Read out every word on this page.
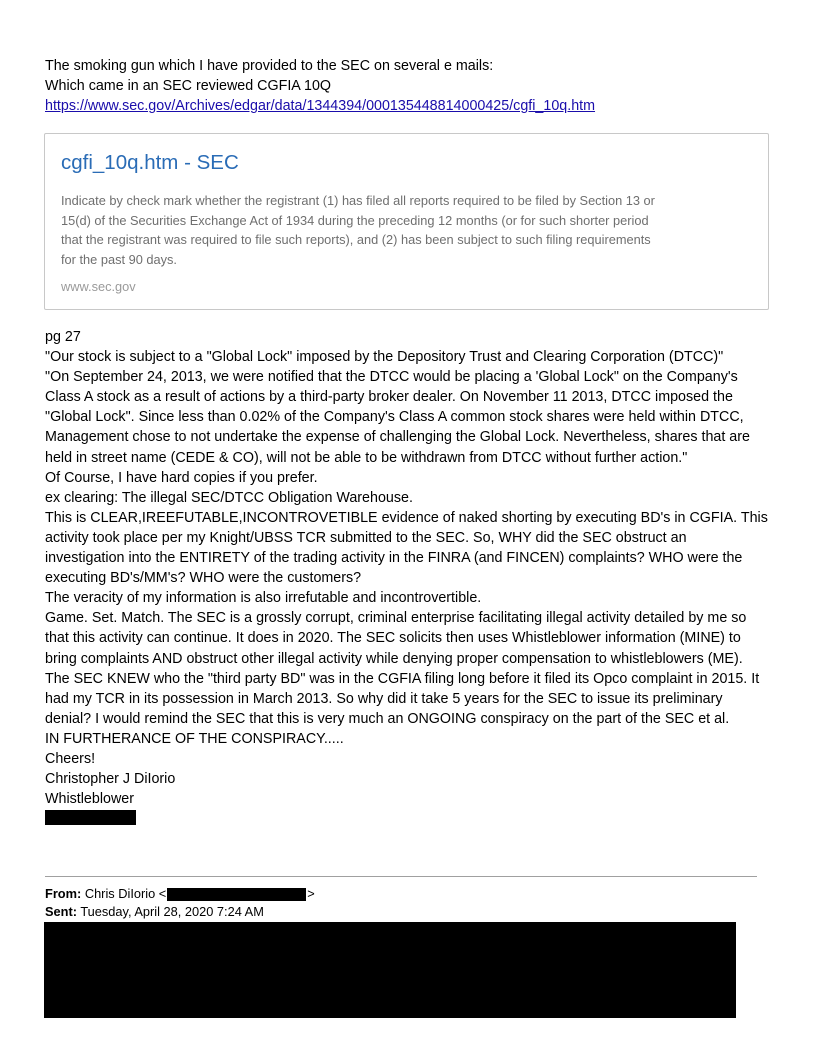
The smoking gun which I have provided to the SEC on several e mails:

Which came in an SEC reviewed CGFIA 10Q

https://www.sec.gov/Archives/edgar/data/1344394/000135448814000425/cgfi_10q.htm

cgfi_10q.htm - SEC

Indicate by check mark whether the registrant (1) has filed all reports required to be filed by Section 13 or
15(d) of the Securities Exchange Act of 1934 during the preceding 12 months (or for such shorter period
that the registrant was required to file such reports), and (2) has been subject to such filing requirements
for the past 90 days.

www.sec.gov

pg 27

"Our stock is subject to a "Global Lock" imposed by the Depository Trust and Clearing Corporation (DTCC)"

"On September 24, 2013, we were notified that the DTCC would be placing a 'Global Lock" on the Company's

Class A stock as a result of actions by a third-party broker dealer. On November 11 2013, DTCC imposed the

"Global Lock". Since less than 0.02% of the Company's Class A common stock shares were held within DTCC,

Management chose to not undertake the expense of challenging the Global Lock. Nevertheless, shares that are

held in street name (CEDE & CO), will not be able to be withdrawn from DTCC without further action."

Of Course, I have hard copies if you prefer.

ex clearing: The illegal SEC/DTCC Obligation Warehouse.

This is CLEAR,IREEFUTABLE,INCONTROVETIBLE evidence of naked shorting by executing BD's in CGFIA. This

activity took place per my Knight/UBSS TCR submitted to the SEC. So, WHY did the SEC obstruct an

investigation into the ENTIRETY of the trading activity in the FINRA (and FINCEN) complaints? WHO were the

executing BD's/MM's? WHO were the customers?

The veracity of my information is also irrefutable and incontrovertible.

Game. Set. Match. The SEC is a grossly corrupt, criminal enterprise facilitating illegal activity detailed by me so

that this activity can continue. It does in 2020. The SEC solicits then uses Whistleblower information (MINE) to

bring complaints AND obstruct other illegal activity while denying proper compensation to whistleblowers (ME).

The SEC KNEW who the "third party BD" was in the CGFIA filing long before it filed its Opco complaint in 2015. It

had my TCR in its possession in March 2013. So why did it take 5 years for the SEC to issue its preliminary

denial? I would remind the SEC that this is very much an ONGOING conspiracy on the part of the SEC et al.

IN FURTHERANCE OF THE CONSPIRACY.....

Cheers!

Christopher J DiIorio

Whistleblower

From: Chris DiIorio <	>
Sent: Tuesday, April 28, 2020 7:24 AM
